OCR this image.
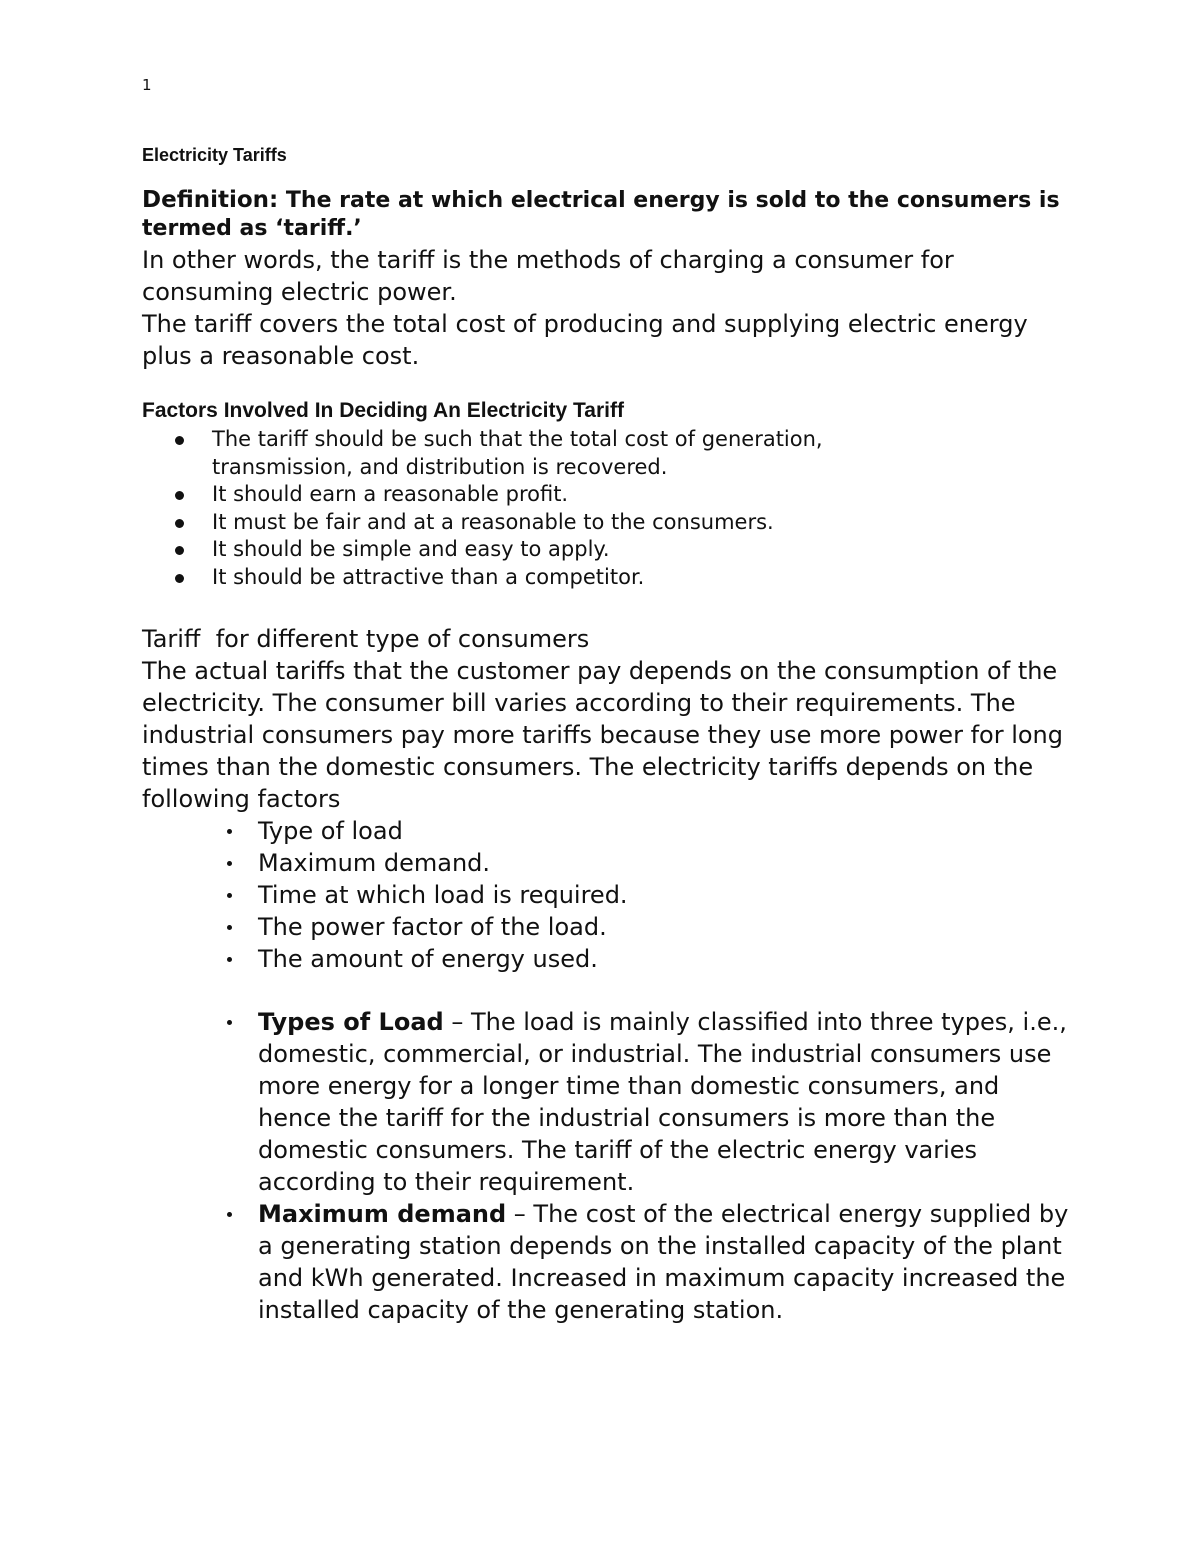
1
Electricity Tariffs

Definition: The rate at which electrical energy is sold to the consumers is termed as ‘tariff.’

In other words, the tariff is the methods of charging a consumer for consuming electric power.

The tariff covers the total cost of producing and supplying electric energy plus a reasonable cost.

Factors Involved In Deciding An Electricity Tariff
The tariff should be such that the total cost of generation, transmission, and distribution is recovered.
It should earn a reasonable profit.
It must be fair and at a reasonable to the consumers.
It should be simple and easy to apply.
It should be attractive than a competitor.
Tariff  for different type of consumers

The actual tariffs that the customer pay depends on the consumption of the electricity. The consumer bill varies according to their requirements. The industrial consumers pay more tariffs because they use more power for long times than the domestic consumers. The electricity tariffs depends on the following factors

Type of load
Maximum demand.
Time at which load is required.
The power factor of the load.
The amount of energy used.
Types of Load – The load is mainly classified into three types, i.e., domestic, commercial, or industrial. The industrial consumers use more energy for a longer time than domestic consumers, and hence the tariff for the industrial consumers is more than the domestic consumers. The tariff of the electric energy varies according to their requirement.
Maximum demand – The cost of the electrical energy supplied by a generating station depends on the installed capacity of the plant and kWh generated. Increased in maximum capacity increased the installed capacity of the generating station.
